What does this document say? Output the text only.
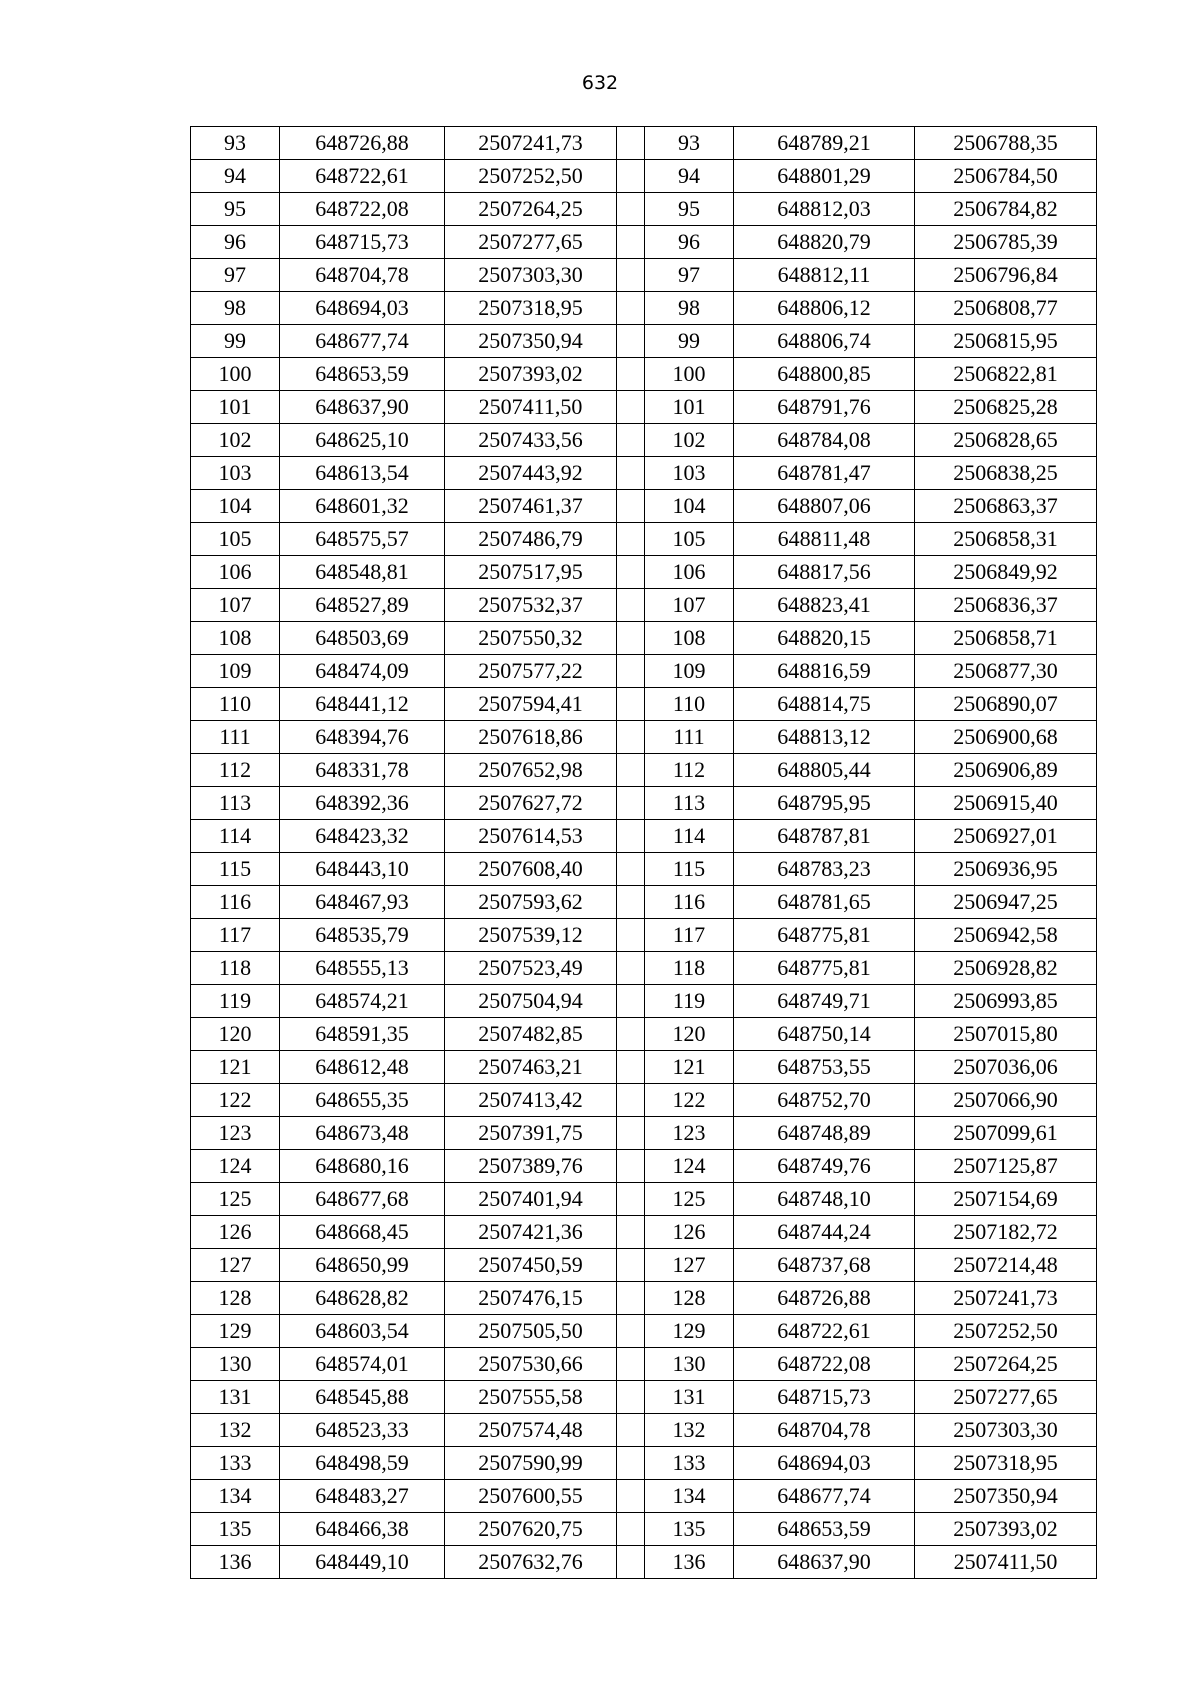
632
93	648726,88	2507241,73		93	648789,21	2506788,35
94	648722,61	2507252,50		94	648801,29	2506784,50
95	648722,08	2507264,25		95	648812,03	2506784,82
96	648715,73	2507277,65		96	648820,79	2506785,39
97	648704,78	2507303,30		97	648812,11	2506796,84
98	648694,03	2507318,95		98	648806,12	2506808,77
99	648677,74	2507350,94		99	648806,74	2506815,95
100	648653,59	2507393,02		100	648800,85	2506822,81
101	648637,90	2507411,50		101	648791,76	2506825,28
102	648625,10	2507433,56		102	648784,08	2506828,65
103	648613,54	2507443,92		103	648781,47	2506838,25
104	648601,32	2507461,37		104	648807,06	2506863,37
105	648575,57	2507486,79		105	648811,48	2506858,31
106	648548,81	2507517,95		106	648817,56	2506849,92
107	648527,89	2507532,37		107	648823,41	2506836,37
108	648503,69	2507550,32		108	648820,15	2506858,71
109	648474,09	2507577,22		109	648816,59	2506877,30
110	648441,12	2507594,41		110	648814,75	2506890,07
111	648394,76	2507618,86		111	648813,12	2506900,68
112	648331,78	2507652,98		112	648805,44	2506906,89
113	648392,36	2507627,72		113	648795,95	2506915,40
114	648423,32	2507614,53		114	648787,81	2506927,01
115	648443,10	2507608,40		115	648783,23	2506936,95
116	648467,93	2507593,62		116	648781,65	2506947,25
117	648535,79	2507539,12		117	648775,81	2506942,58
118	648555,13	2507523,49		118	648775,81	2506928,82
119	648574,21	2507504,94		119	648749,71	2506993,85
120	648591,35	2507482,85		120	648750,14	2507015,80
121	648612,48	2507463,21		121	648753,55	2507036,06
122	648655,35	2507413,42		122	648752,70	2507066,90
123	648673,48	2507391,75		123	648748,89	2507099,61
124	648680,16	2507389,76		124	648749,76	2507125,87
125	648677,68	2507401,94		125	648748,10	2507154,69
126	648668,45	2507421,36		126	648744,24	2507182,72
127	648650,99	2507450,59		127	648737,68	2507214,48
128	648628,82	2507476,15		128	648726,88	2507241,73
129	648603,54	2507505,50		129	648722,61	2507252,50
130	648574,01	2507530,66		130	648722,08	2507264,25
131	648545,88	2507555,58		131	648715,73	2507277,65
132	648523,33	2507574,48		132	648704,78	2507303,30
133	648498,59	2507590,99		133	648694,03	2507318,95
134	648483,27	2507600,55		134	648677,74	2507350,94
135	648466,38	2507620,75		135	648653,59	2507393,02
136	648449,10	2507632,76		136	648637,90	2507411,50
